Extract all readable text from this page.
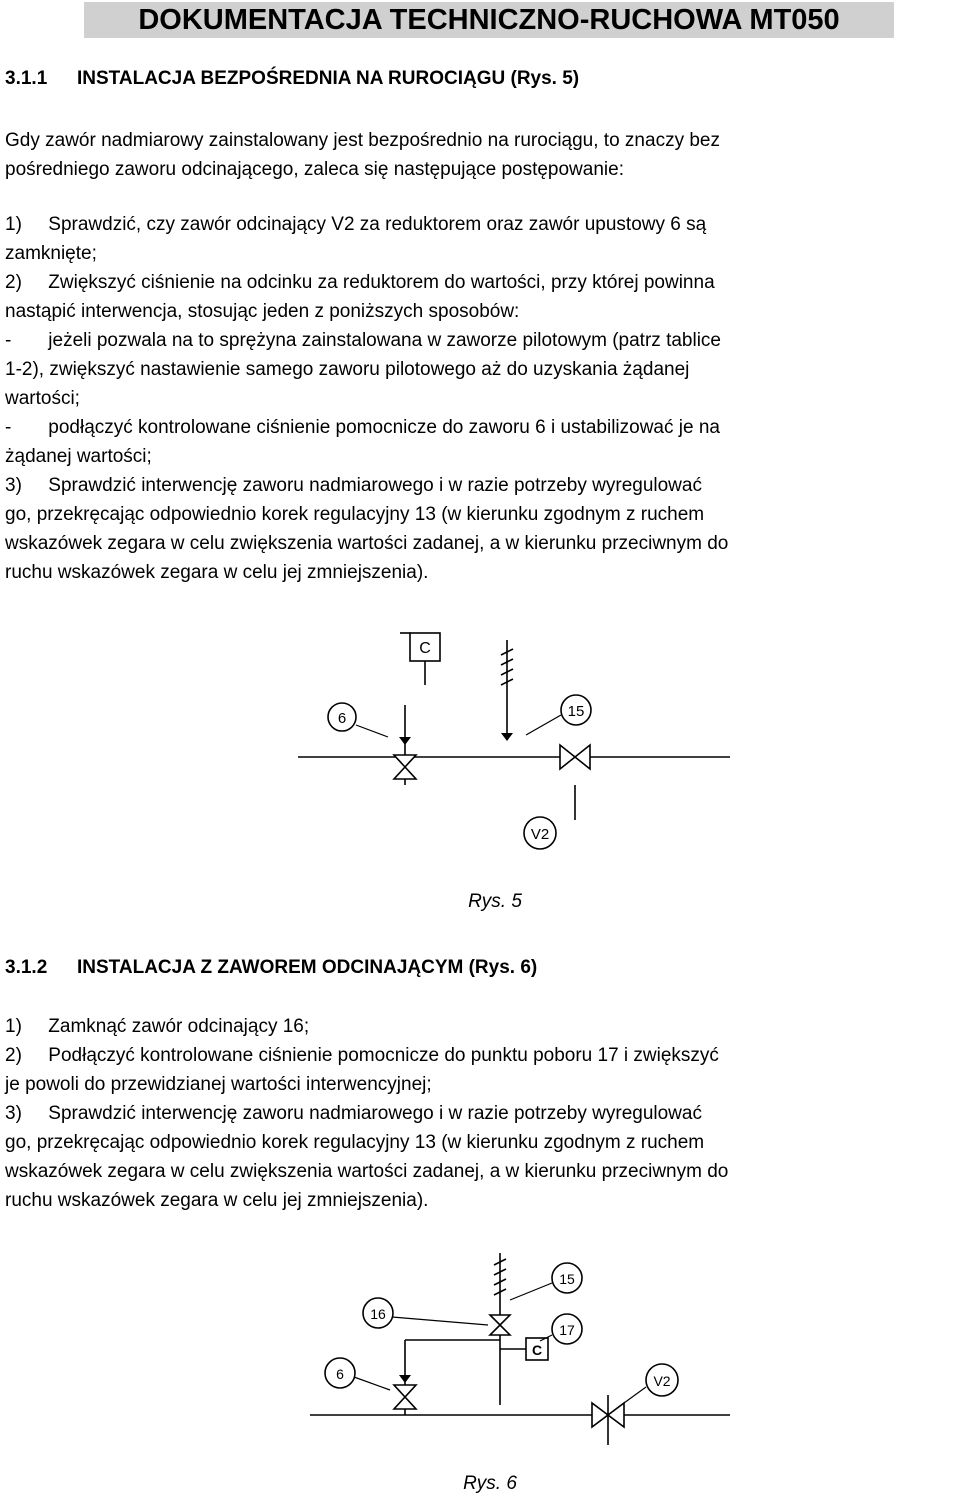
DOKUMENTACJA TECHNICZNO-RUCHOWA MT050
3.1.1 INSTALACJA BEZPOŚREDNIA NA RUROCIĄGU (Rys. 5)
Gdy zawór nadmiarowy zainstalowany jest bezpośrednio na rurociągu, to znaczy bez
pośredniego zaworu odcinającego, zaleca się następujące postępowanie:
1)     Sprawdzić, czy zawór odcinający V2 za reduktorem oraz zawór upustowy 6 są
zamknięte;
2)     Zwiększyć ciśnienie na odcinku za reduktorem do wartości, przy której powinna
nastąpić interwencja, stosując jeden z poniższych sposobów:
-       jeżeli pozwala na to sprężyna zainstalowana w zaworze pilotowym (patrz tablice
1-2), zwiększyć nastawienie samego zaworu pilotowego aż do uzyskania żądanej
wartości;
-       podłączyć kontrolowane ciśnienie pomocnicze do zaworu 6 i ustabilizować je na
żądanej wartości;
3)     Sprawdzić interwencję zaworu nadmiarowego i w razie potrzeby wyregulować
go, przekręcając odpowiednio korek regulacyjny 13 (w kierunku zgodnym z ruchem
wskazówek zegara w celu zwiększenia wartości zadanej, a w kierunku przeciwnym do
ruchu wskazówek zegara w celu jej zmniejszenia).
C
6	15
V2
Rys. 5
3.1.2 INSTALACJA Z ZAWOREM ODCINAJĄCYM (Rys. 6)
1)     Zamknąć zawór odcinający 16;
2)     Podłączyć kontrolowane ciśnienie pomocnicze do punktu poboru 17 i zwiększyć
je powoli do przewidzianej wartości interwencyjnej;
3)     Sprawdzić interwencję zaworu nadmiarowego i w razie potrzeby wyregulować
go, przekręcając odpowiednio korek regulacyjny 13 (w kierunku zgodnym z ruchem
wskazówek zegara w celu zwiększenia wartości zadanej, a w kierunku przeciwnym do
ruchu wskazówek zegara w celu jej zmniejszenia).
15
16
17
C
6	V2
Rys. 6
